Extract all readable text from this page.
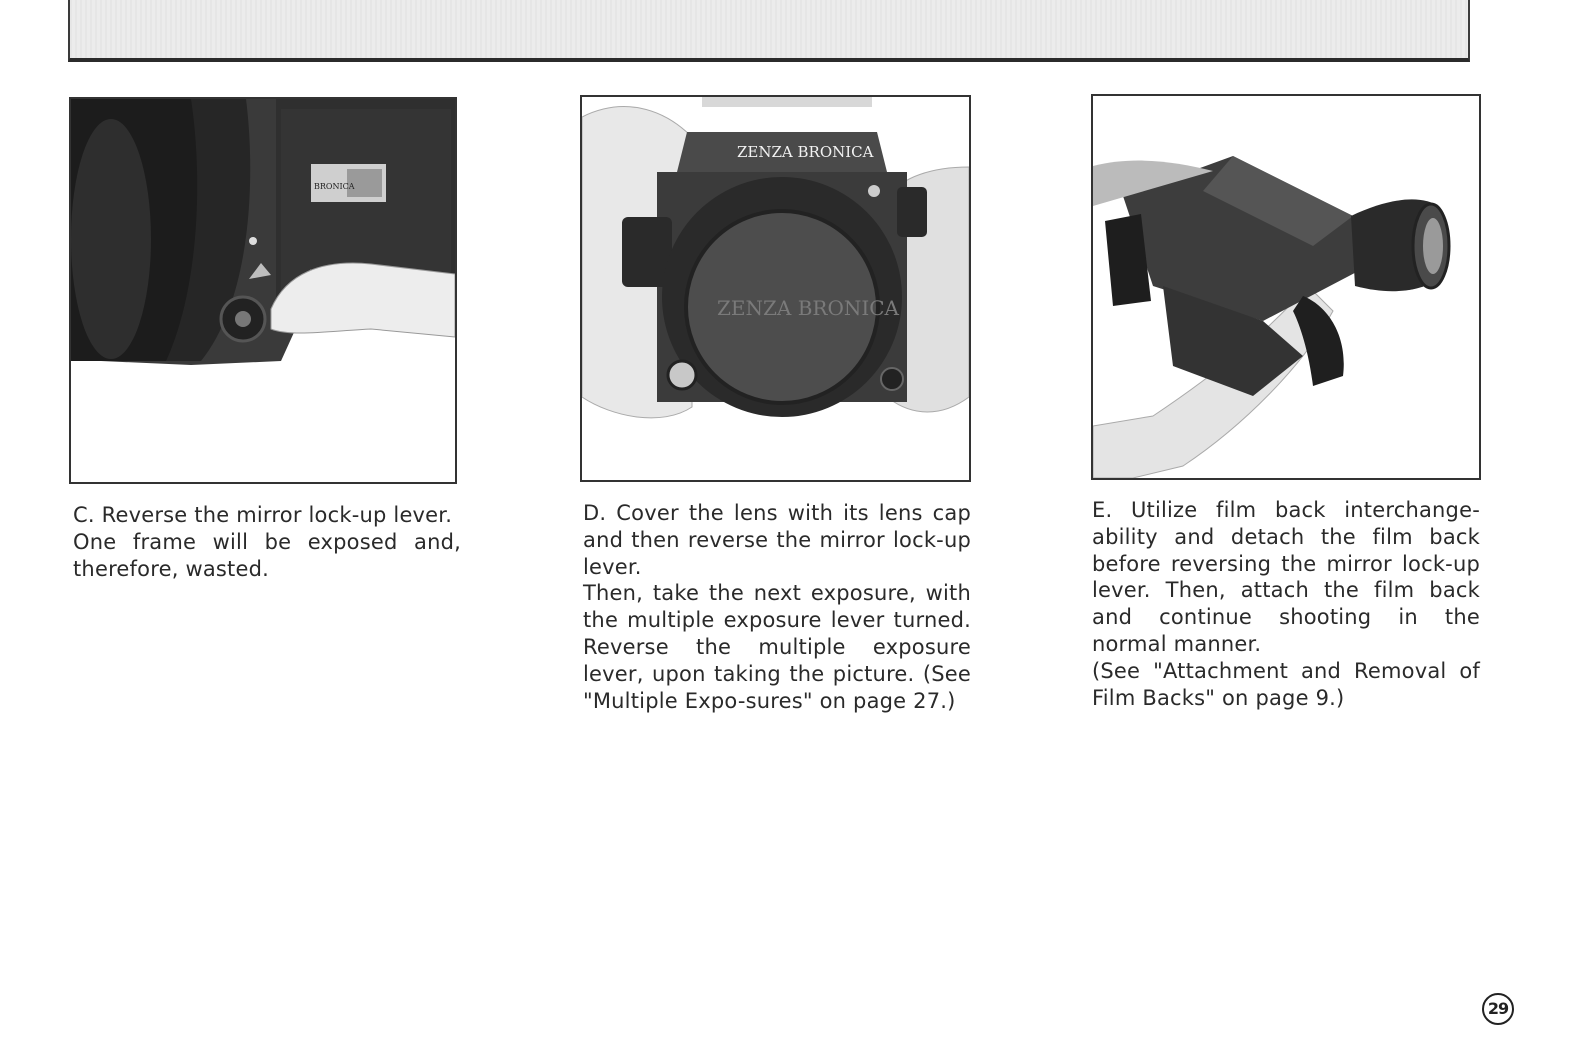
BRONICA
ZENZA BRONICA
ZENZA BRONICA

C. Reverse the mirror lock-up lever.

One frame will be exposed and, therefore, wasted.

D. Cover the lens with its lens cap and then reverse the mirror lock-up lever.

Then, take the next exposure, with the multiple exposure lever turned. Reverse the multiple exposure lever, upon taking the picture. (See "Multiple Expo-sures" on page 27.)

E. Utilize film back interchange-ability and detach the film back before reversing the mirror lock-up lever. Then, attach the film back and continue shooting in the normal manner.

(See "Attachment and Removal of Film Backs" on page 9.)

29
